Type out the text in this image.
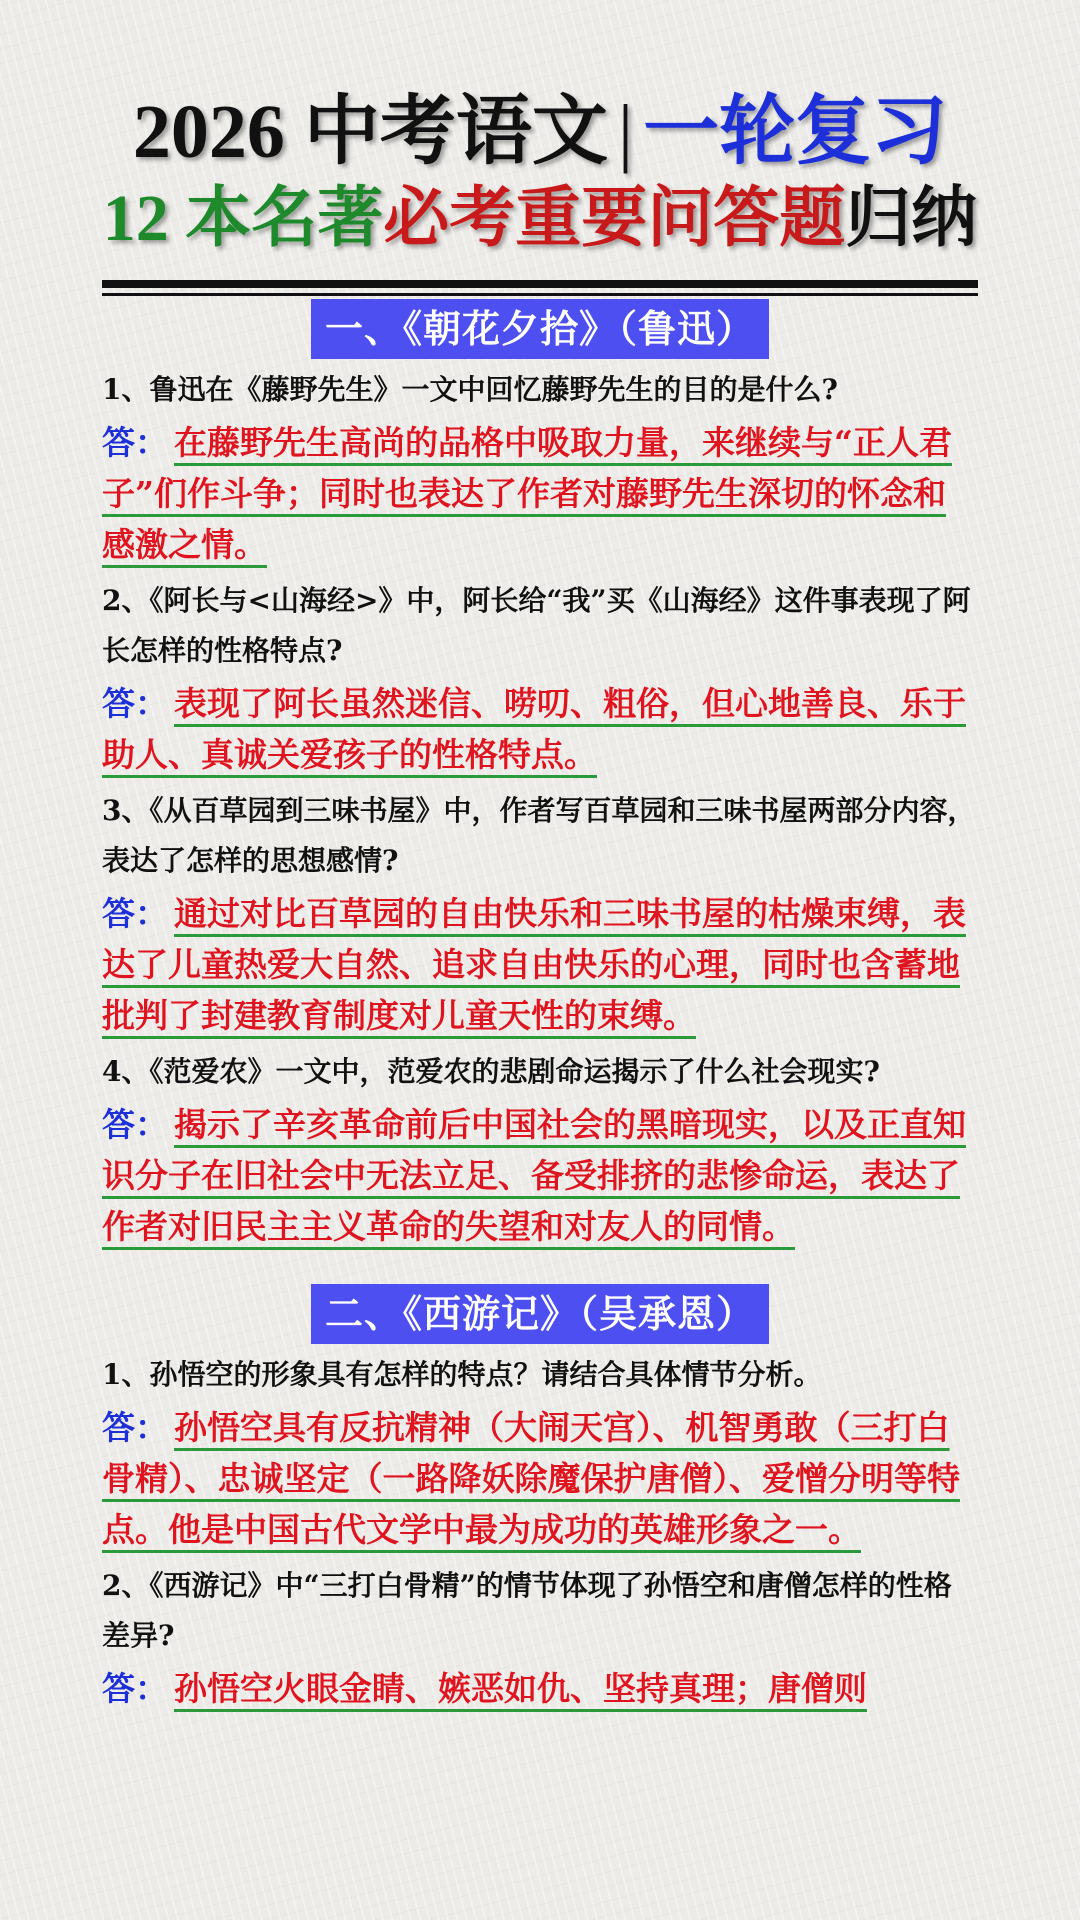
2026 中考语文 | 一轮复习
12 本名著必考重要问答题归纳
一、《朝花夕拾》（鲁迅）
1、鲁迅在《藤野先生》一文中回忆藤野先生的目的是什么?
答： 在藤野先生高尚的品格中吸取力量，来继续与“正人君子”们作斗争；同时也表达了作者对藤野先生深切的怀念和感激之情。
2、《阿长与<山海经>》中，阿长给“我”买《山海经》这件事表现了阿长怎样的性格特点?
答： 表现了阿长虽然迷信、唠叨、粗俗，但心地善良、乐于助人、真诚关爱孩子的性格特点。
3、《从百草园到三味书屋》中，作者写百草园和三味书屋两部分内容，表达了怎样的思想感情?
答： 通过对比百草园的自由快乐和三味书屋的枯燥束缚，表达了儿童热爱大自然、追求自由快乐的心理，同时也含蓄地批判了封建教育制度对儿童天性的束缚。
4、《范爱农》一文中，范爱农的悲剧命运揭示了什么社会现实?
答： 揭示了辛亥革命前后中国社会的黑暗现实，以及正直知识分子在旧社会中无法立足、备受排挤的悲惨命运，表达了作者对旧民主主义革命的失望和对友人的同情。
二、《西游记》（吴承恩）
1、孙悟空的形象具有怎样的特点？请结合具体情节分析。
答： 孙悟空具有反抗精神（大闹天宫）、机智勇敢（三打白骨精）、忠诚坚定（一路降妖除魔保护唐僧）、爱憎分明等特点。他是中国古代文学中最为成功的英雄形象之一。
2、《西游记》中“三打白骨精”的情节体现了孙悟空和唐僧怎样的性格差异?
答： 孙悟空火眼金睛、嫉恶如仇、坚持真理；唐僧则
